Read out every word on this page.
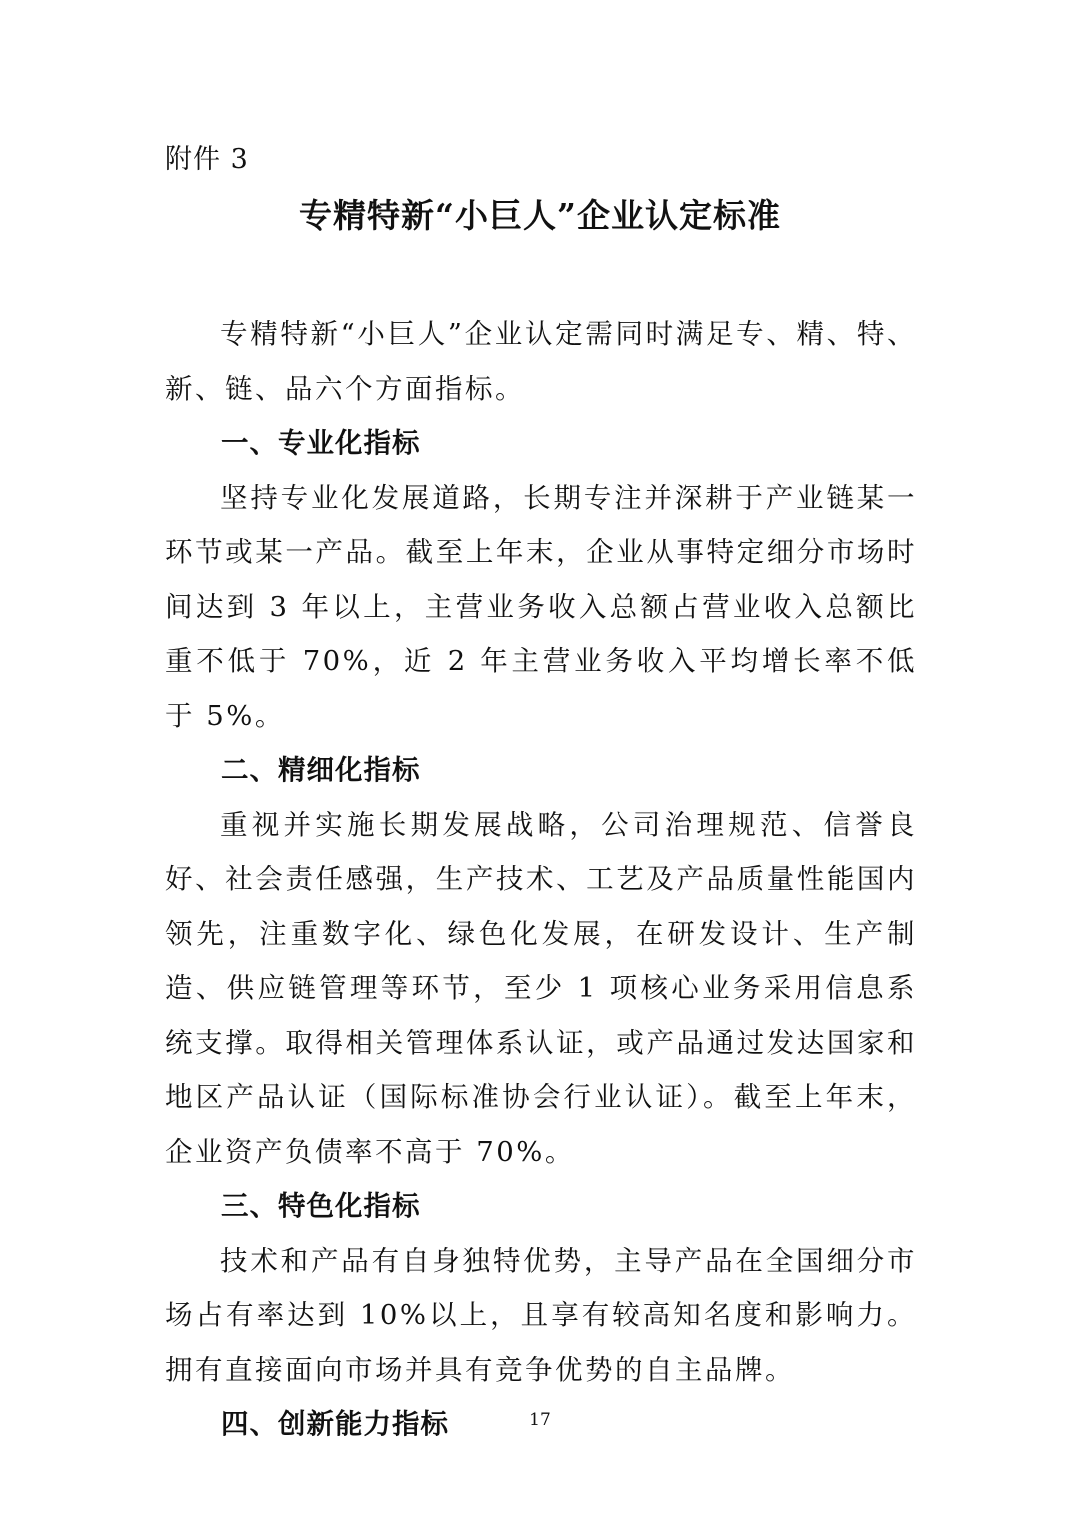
附件 3
专精特新“小巨人”企业认定标准

专精特新“小巨人”企业认定需同时满足专、精、特、新、链、品六个方面指标。

一、专业化指标

坚持专业化发展道路，长期专注并深耕于产业链某一环节或某一产品。截至上年末，企业从事特定细分市场时间达到 3 年以上，主营业务收入总额占营业收入总额比重不低于 70%，近 2 年主营业务收入平均增长率不低于 5%。

二、精细化指标

重视并实施长期发展战略，公司治理规范、信誉良好、社会责任感强，生产技术、工艺及产品质量性能国内领先，注重数字化、绿色化发展，在研发设计、生产制造、供应链管理等环节，至少 1 项核心业务采用信息系统支撑。取得相关管理体系认证，或产品通过发达国家和地区产品认证（国际标准协会行业认证）。截至上年末，企业资产负债率不高于 70%。

三、特色化指标

技术和产品有自身独特优势，主导产品在全国细分市场占有率达到 10%以上，且享有较高知名度和影响力。拥有直接面向市场并具有竞争优势的自主品牌。

四、创新能力指标	17
